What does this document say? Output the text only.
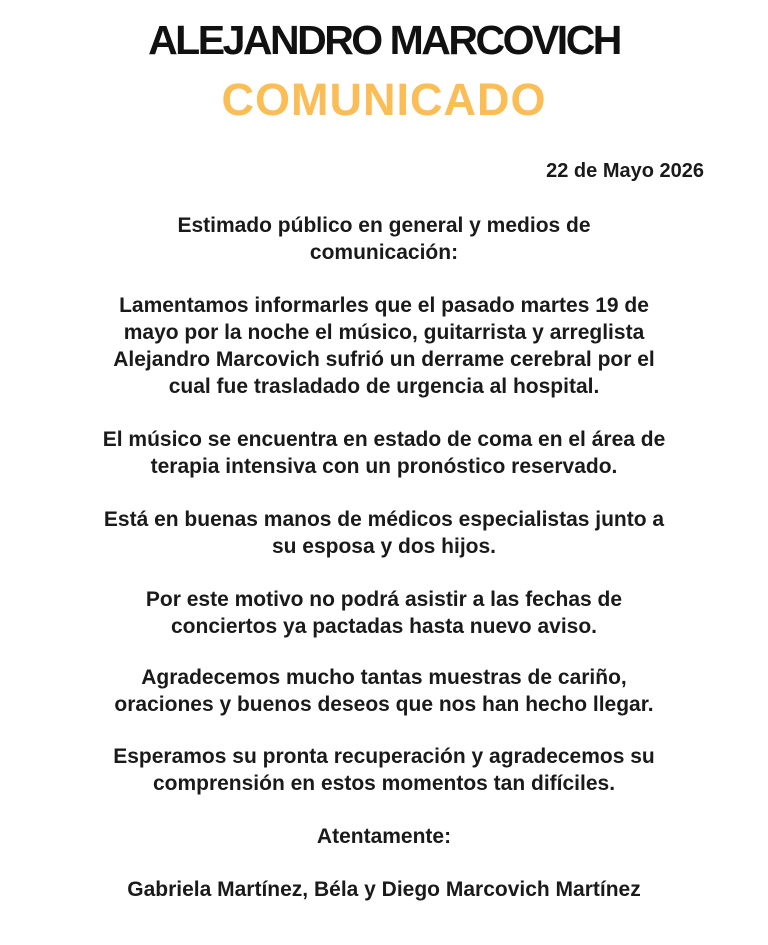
ALEJANDRO MARCOVICH
COMUNICADO
22 de Mayo 2026
Estimado público en general y medios de
comunicación:
Lamentamos informarles que el pasado martes 19 de
mayo por la noche el músico, guitarrista y arreglista
Alejandro Marcovich sufrió un derrame cerebral por el
cual fue trasladado de urgencia al hospital.
El músico se encuentra en estado de coma en el área de
terapia intensiva con un pronóstico reservado.
Está en buenas manos de médicos especialistas junto a
su esposa y dos hijos.
Por este motivo no podrá asistir a las fechas de
conciertos ya pactadas hasta nuevo aviso.
Agradecemos mucho tantas muestras de cariño,
oraciones y buenos deseos que nos han hecho llegar.
Esperamos su pronta recuperación y agradecemos su
comprensión en estos momentos tan difíciles.
Atentamente:
Gabriela Martínez, Béla y Diego Marcovich Martínez
